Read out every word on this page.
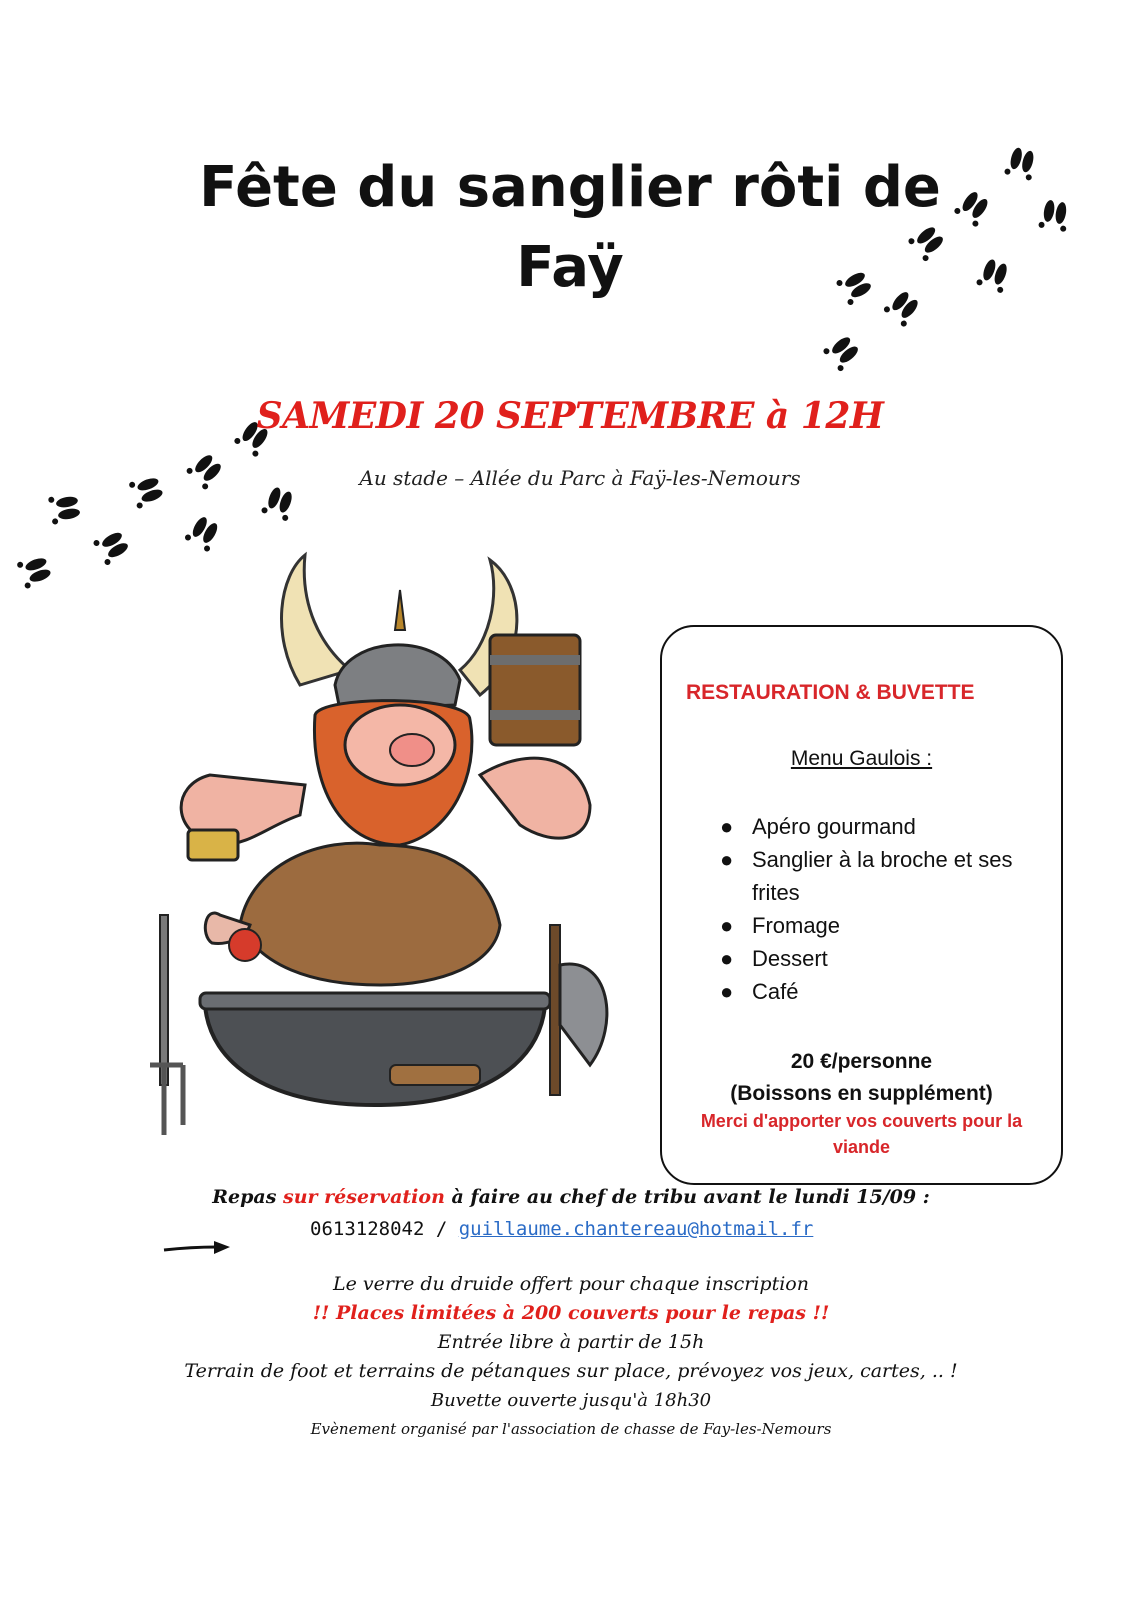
Fête du sanglier rôti de
Faÿ
SAMEDI 20 SEPTEMBRE à 12H
Au stade – Allée du Parc à Faÿ-les-Nemours
RESTAURATION & BUVETTE
Menu Gaulois :
● Apéro gourmand
● Sanglier à la broche et ses frites
● Fromage
● Dessert
● Café
20 €/personne
(Boissons en supplément)
Merci d'apporter vos couverts pour la viande
Repas sur réservation à faire au chef de tribu avant le lundi 15/09 :
0613128042 / guillaume.chantereau@hotmail.fr
Le verre du druide offert pour chaque inscription
!! Places limitées à 200 couverts pour le repas !!
Entrée libre à partir de 15h
Terrain de foot et terrains de pétanques sur place, prévoyez vos jeux, cartes, .. !
Buvette ouverte jusqu'à 18h30
Evènement organisé par l'association de chasse de Fay-les-Nemours
